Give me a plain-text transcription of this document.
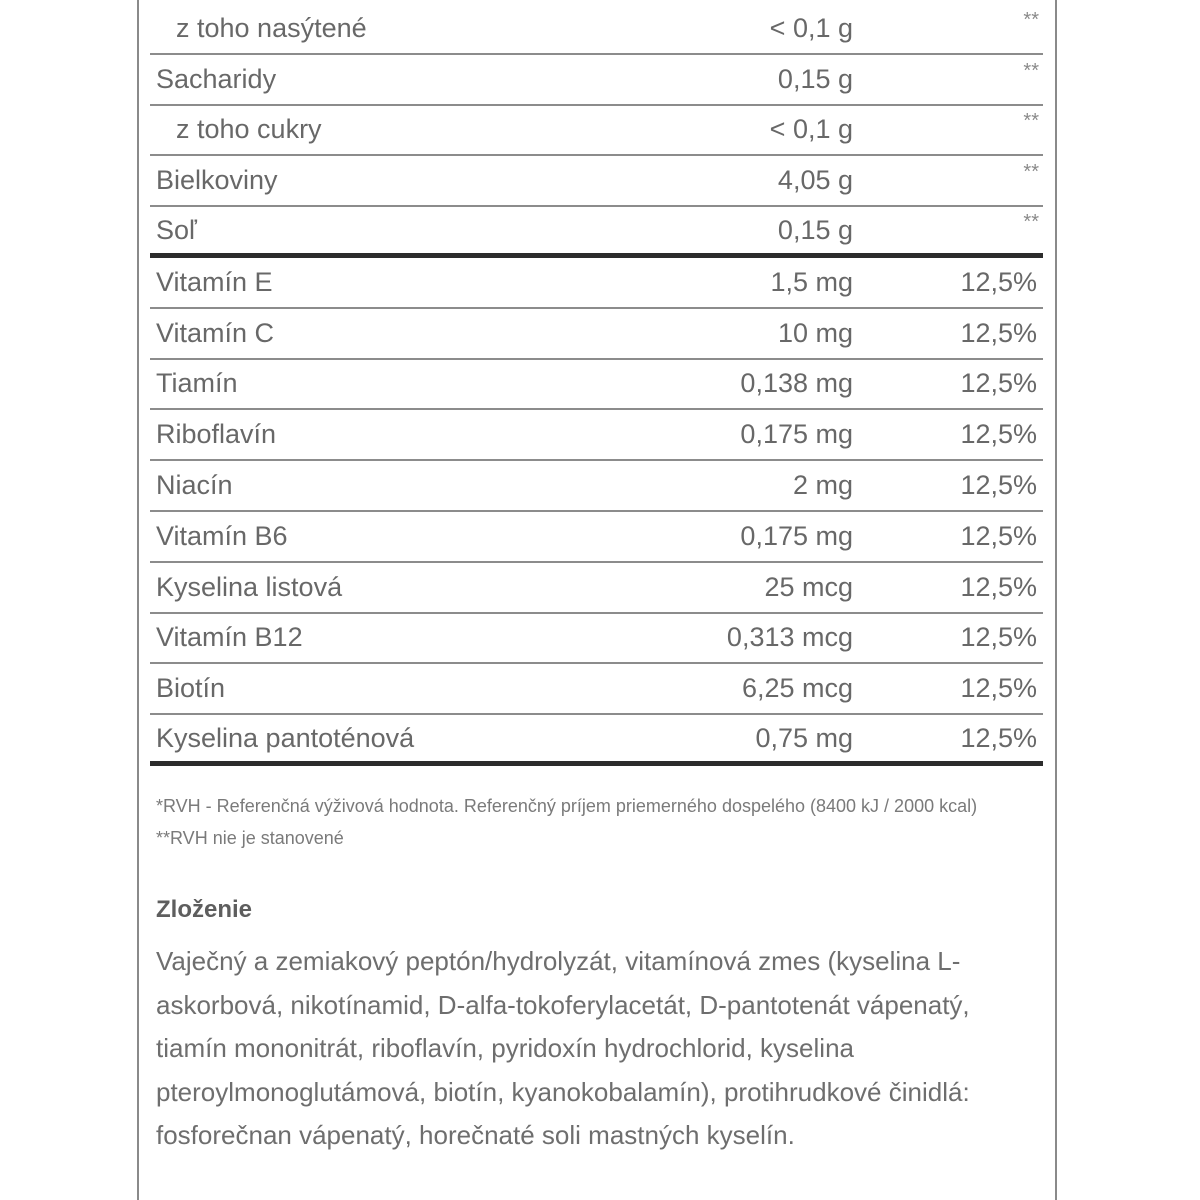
z toho nasýtené	< 0,1 g	**
Sacharidy	0,15 g	**
z toho cukry	< 0,1 g	**
Bielkoviny	4,05 g	**
Soľ	0,15 g	**
Vitamín E	1,5 mg	12,5%
Vitamín C	10 mg	12,5%
Tiamín	0,138 mg	12,5%
Riboflavín	0,175 mg	12,5%
Niacín	2 mg	12,5%
Vitamín B6	0,175 mg	12,5%
Kyselina listová	25 mcg	12,5%
Vitamín B12	0,313 mcg	12,5%
Biotín	6,25 mcg	12,5%
Kyselina pantoténová	0,75 mg	12,5%

*RVH - Referenčná výživová hodnota. Referenčný príjem priemerného dospelého (8400 kJ / 2000 kcal)

**RVH nie je stanovené

Zloženie
Vaječný a zemiakový peptón/hydrolyzát, vitamínová zmes (kyselina L-askorbová, nikotínamid, D-alfa-tokoferylacetát, D-pantotenát vápenatý, tiamín mononitrát, riboflavín, pyridoxín hydrochlorid, kyselina pteroylmonoglutámová, biotín, kyanokobalamín), protihrudkové činidlá: fosforečnan vápenatý, horečnaté soli mastných kyselín.
